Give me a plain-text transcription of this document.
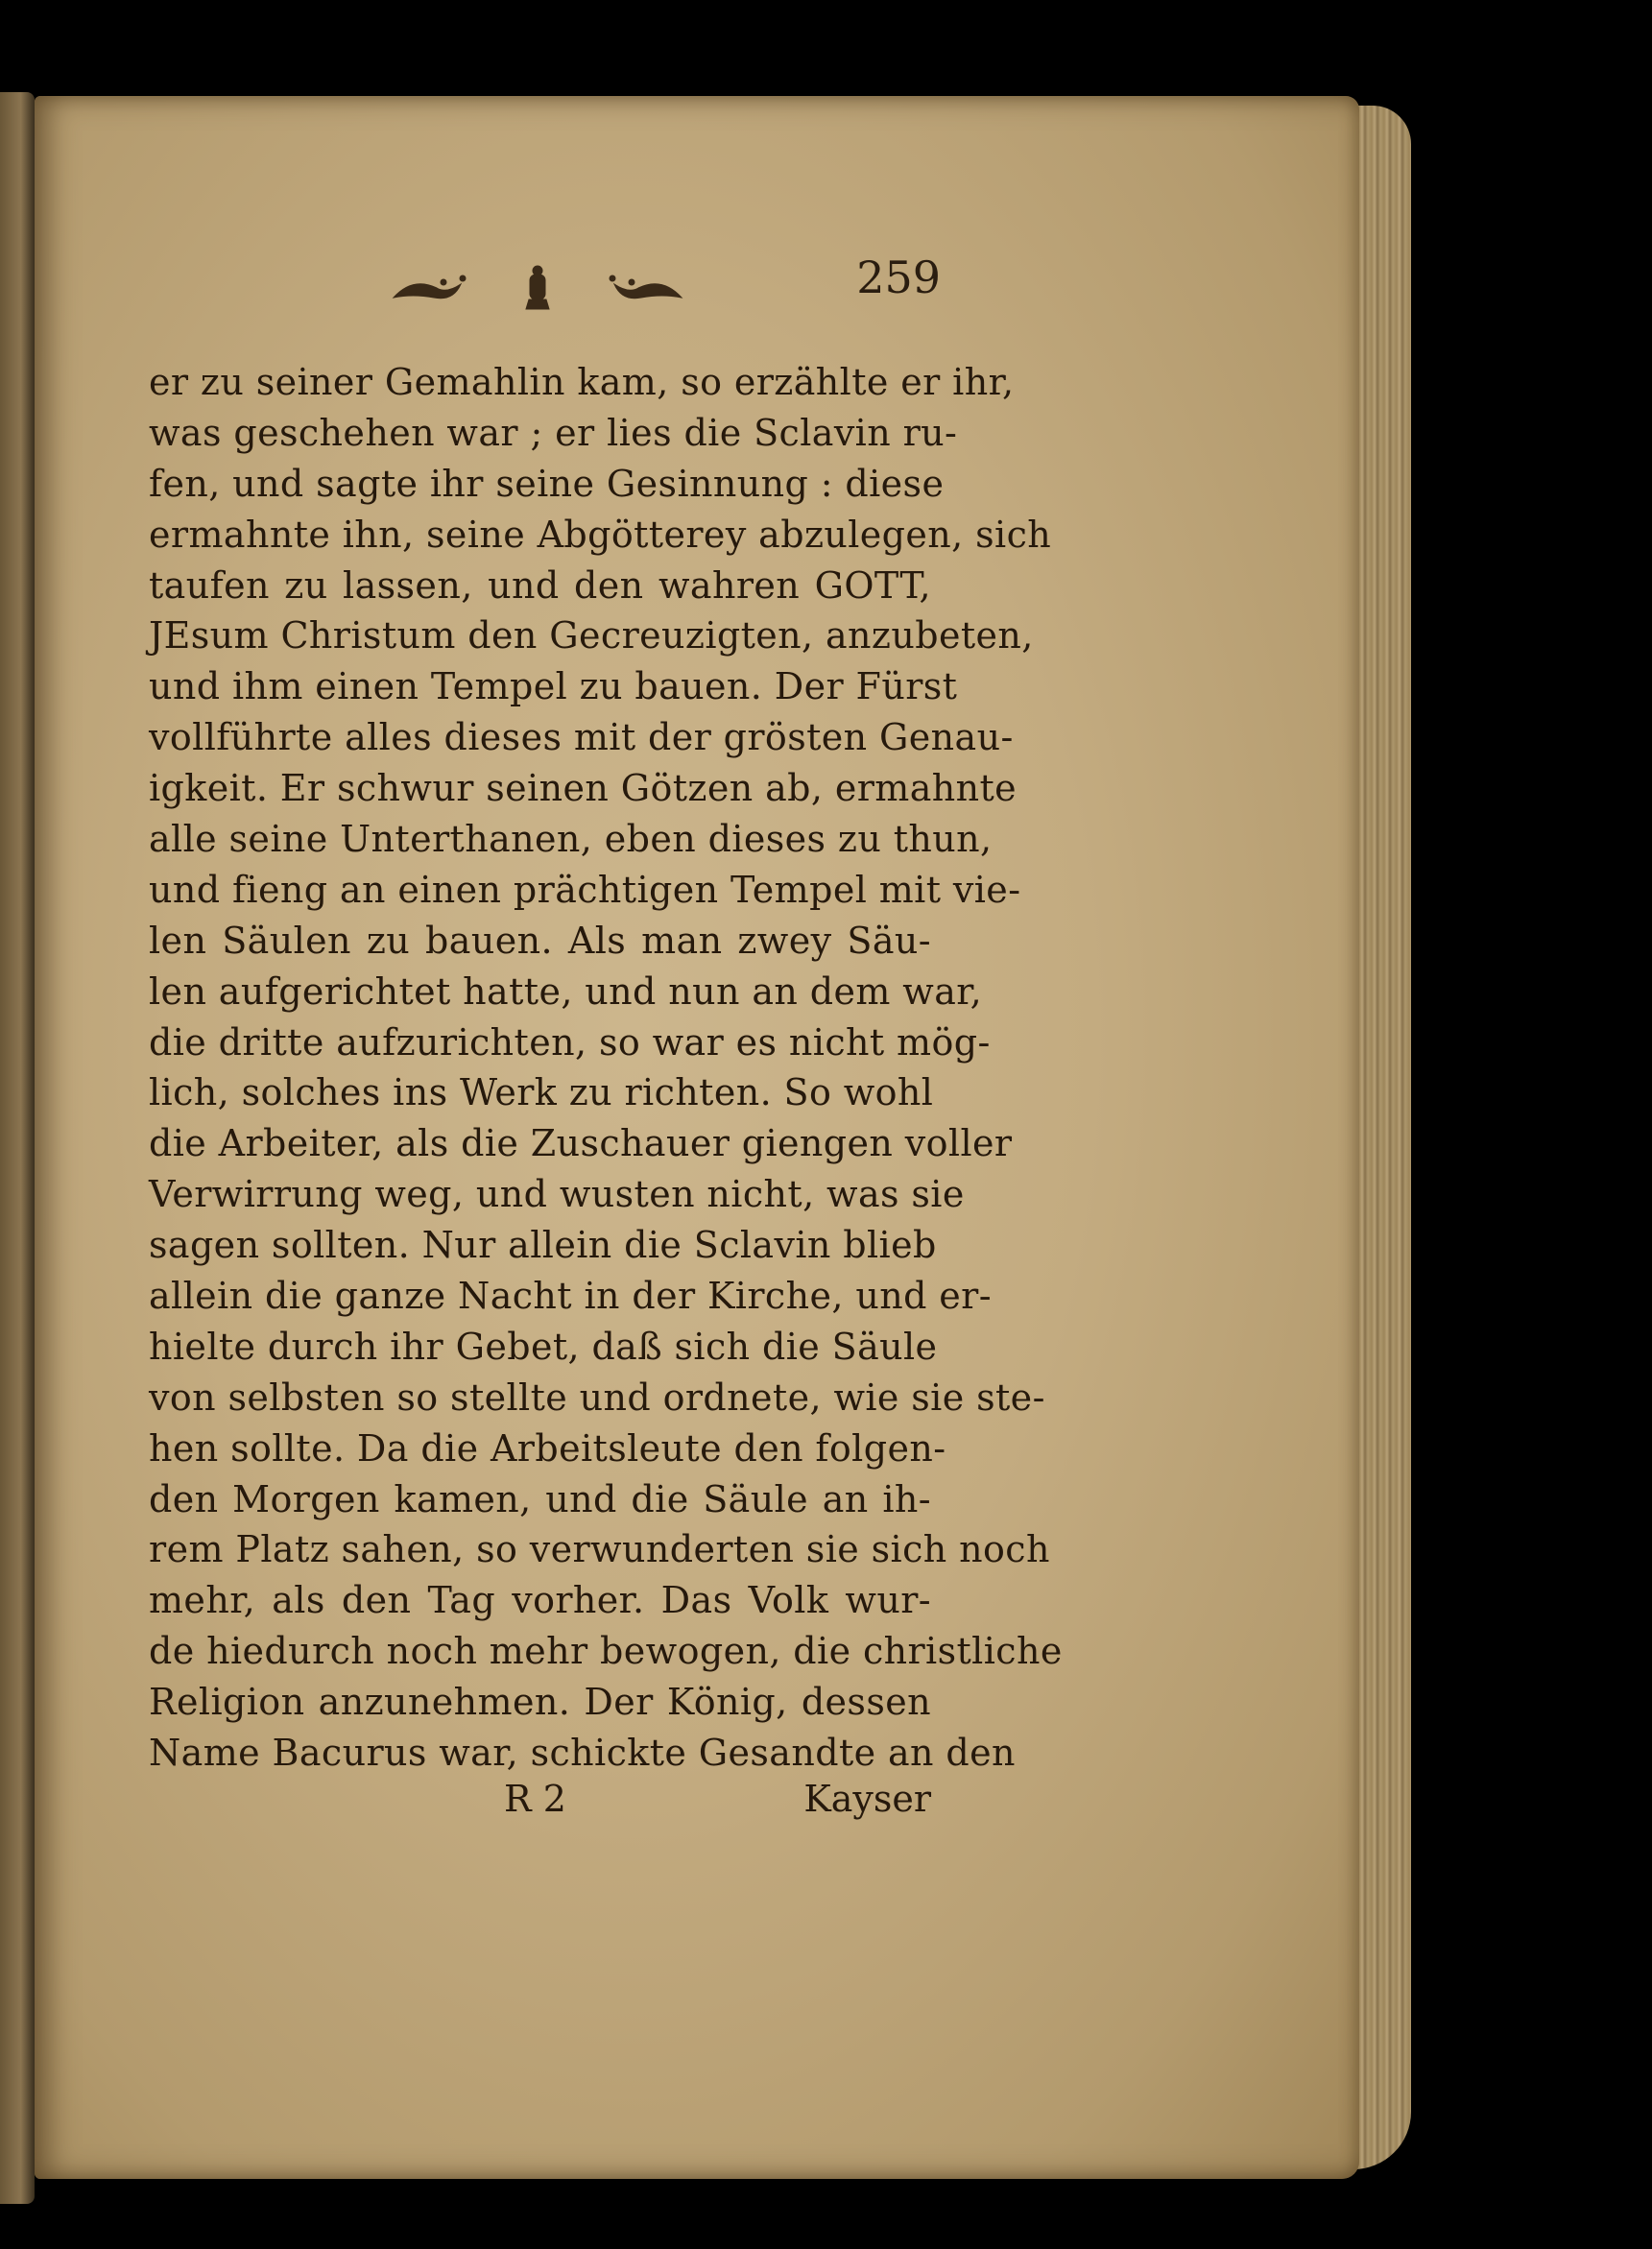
259
er zu seiner Gemahlin kam, so erzählte er ihr,
was geschehen war ; er lies die Sclavin ru-
fen, und sagte ihr seine Gesinnung : diese
ermahnte ihn, seine Abgötterey abzulegen, sich
taufen zu lassen, und den wahren GOTT,
JEsum Christum den Gecreuzigten, anzubeten,
und ihm einen Tempel zu bauen. Der Fürst
vollführte alles dieses mit der grösten Genau-
igkeit. Er schwur seinen Götzen ab, ermahnte
alle seine Unterthanen, eben dieses zu thun,
und fieng an einen prächtigen Tempel mit vie-
len Säulen zu bauen. Als man zwey Säu-
len aufgerichtet hatte, und nun an dem war,
die dritte aufzurichten, so war es nicht mög-
lich, solches ins Werk zu richten. So wohl
die Arbeiter, als die Zuschauer giengen voller
Verwirrung weg, und wusten nicht, was sie
sagen sollten. Nur allein die Sclavin blieb
allein die ganze Nacht in der Kirche, und er-
hielte durch ihr Gebet, daß sich die Säule
von selbsten so stellte und ordnete, wie sie ste-
hen sollte. Da die Arbeitsleute den folgen-
den Morgen kamen, und die Säule an ih-
rem Platz sahen, so verwunderten sie sich noch
mehr, als den Tag vorher. Das Volk wur-
de hiedurch noch mehr bewogen, die christliche
Religion anzunehmen. Der König, dessen
Name Bacurus war, schickte Gesandte an den
R 2	Kayser
